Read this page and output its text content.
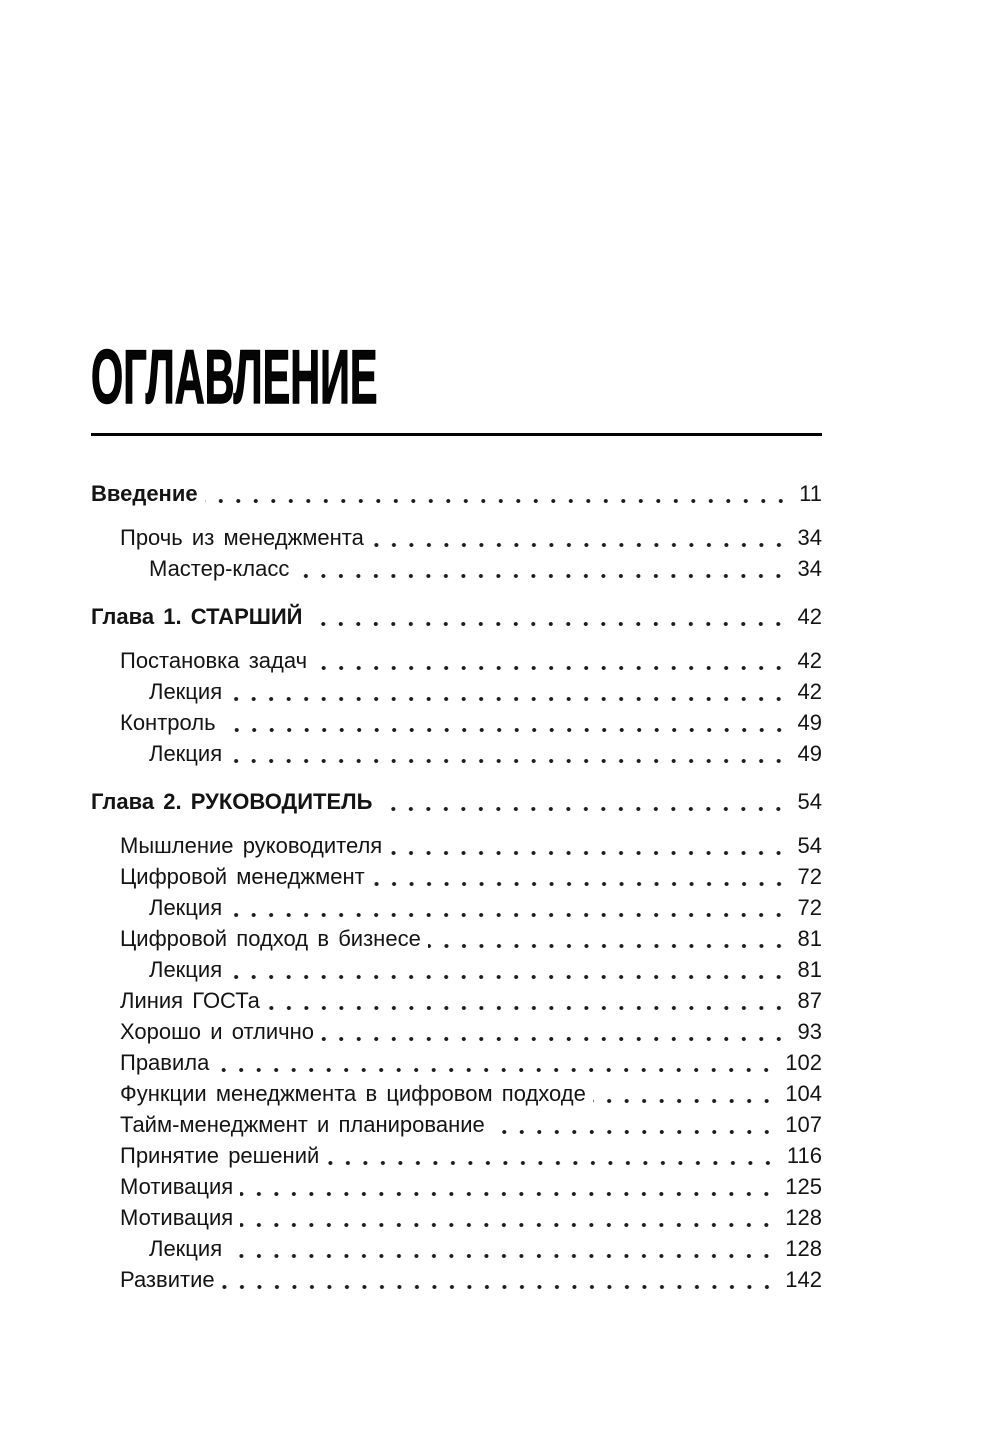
ОГЛАВЛЕНИЕ
Введение	11
Прочь из менеджмента	34
Мастер-класс	34
Глава 1. СТАРШИЙ	42
Постановка задач	42
Лекция	42
Контроль	49
Лекция	49
Глава 2. РУКОВОДИТЕЛЬ	54
Мышление руководителя	54
Цифровой менеджмент	72
Лекция	72
Цифровой подход в бизнесе	81
Лекция	81
Линия ГОСТа	87
Хорошо и отлично	93
Правила	102
Функции менеджмента в цифровом подходе	104
Тайм-менеджмент и планирование	107
Принятие решений	116
Мотивация	125
Мотивация	128
Лекция	128
Развитие	142
